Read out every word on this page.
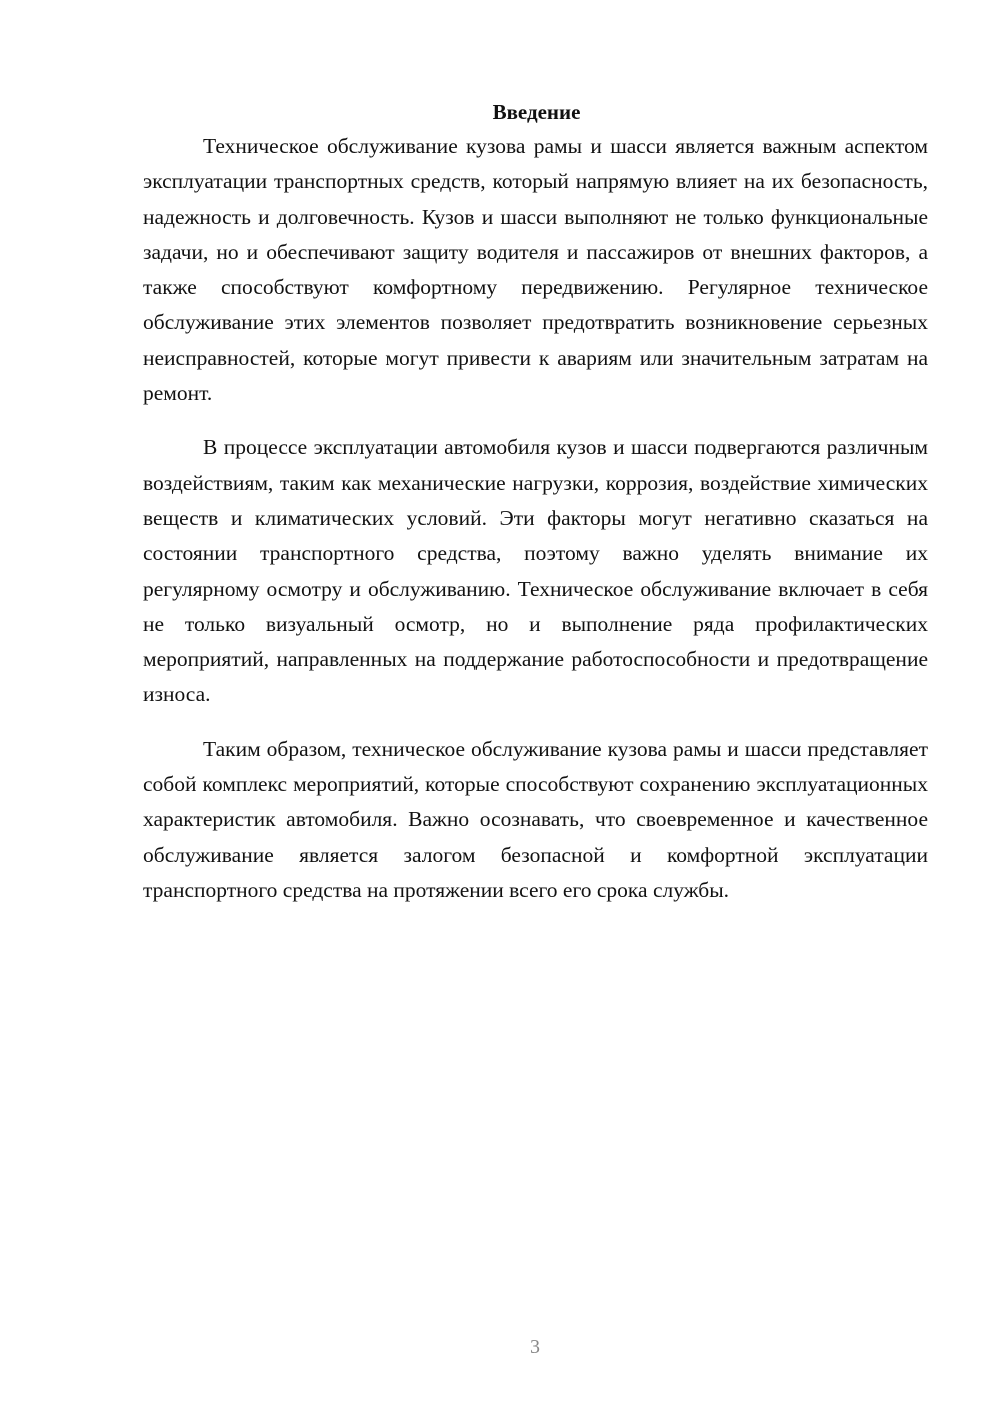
Введение

Техническое обслуживание кузова рамы и шасси является важным аспектом эксплуатации транспортных средств, который напрямую влияет на их безопасность, надежность и долговечность. Кузов и шасси выполняют не только функциональные задачи, но и обеспечивают защиту водителя и пассажиров от внешних факторов, а также способствуют комфортному передвижению. Регулярное техническое обслуживание этих элементов позволяет предотвратить возникновение серьезных неисправностей, которые могут привести к авариям или значительным затратам на ремонт.

В процессе эксплуатации автомобиля кузов и шасси подвергаются различным воздействиям, таким как механические нагрузки, коррозия, воздействие химических веществ и климатических условий. Эти факторы могут негативно сказаться на состоянии транспортного средства, поэтому важно уделять внимание их регулярному осмотру и обслуживанию. Техническое обслуживание включает в себя не только визуальный осмотр, но и выполнение ряда профилактических мероприятий, направленных на поддержание работоспособности и предотвращение износа.

Таким образом, техническое обслуживание кузова рамы и шасси представляет собой комплекс мероприятий, которые способствуют сохранению эксплуатационных характеристик автомобиля. Важно осознавать, что своевременное и качественное обслуживание является залогом безопасной и комфортной эксплуатации транспортного средства на протяжении всего его срока службы.

3
